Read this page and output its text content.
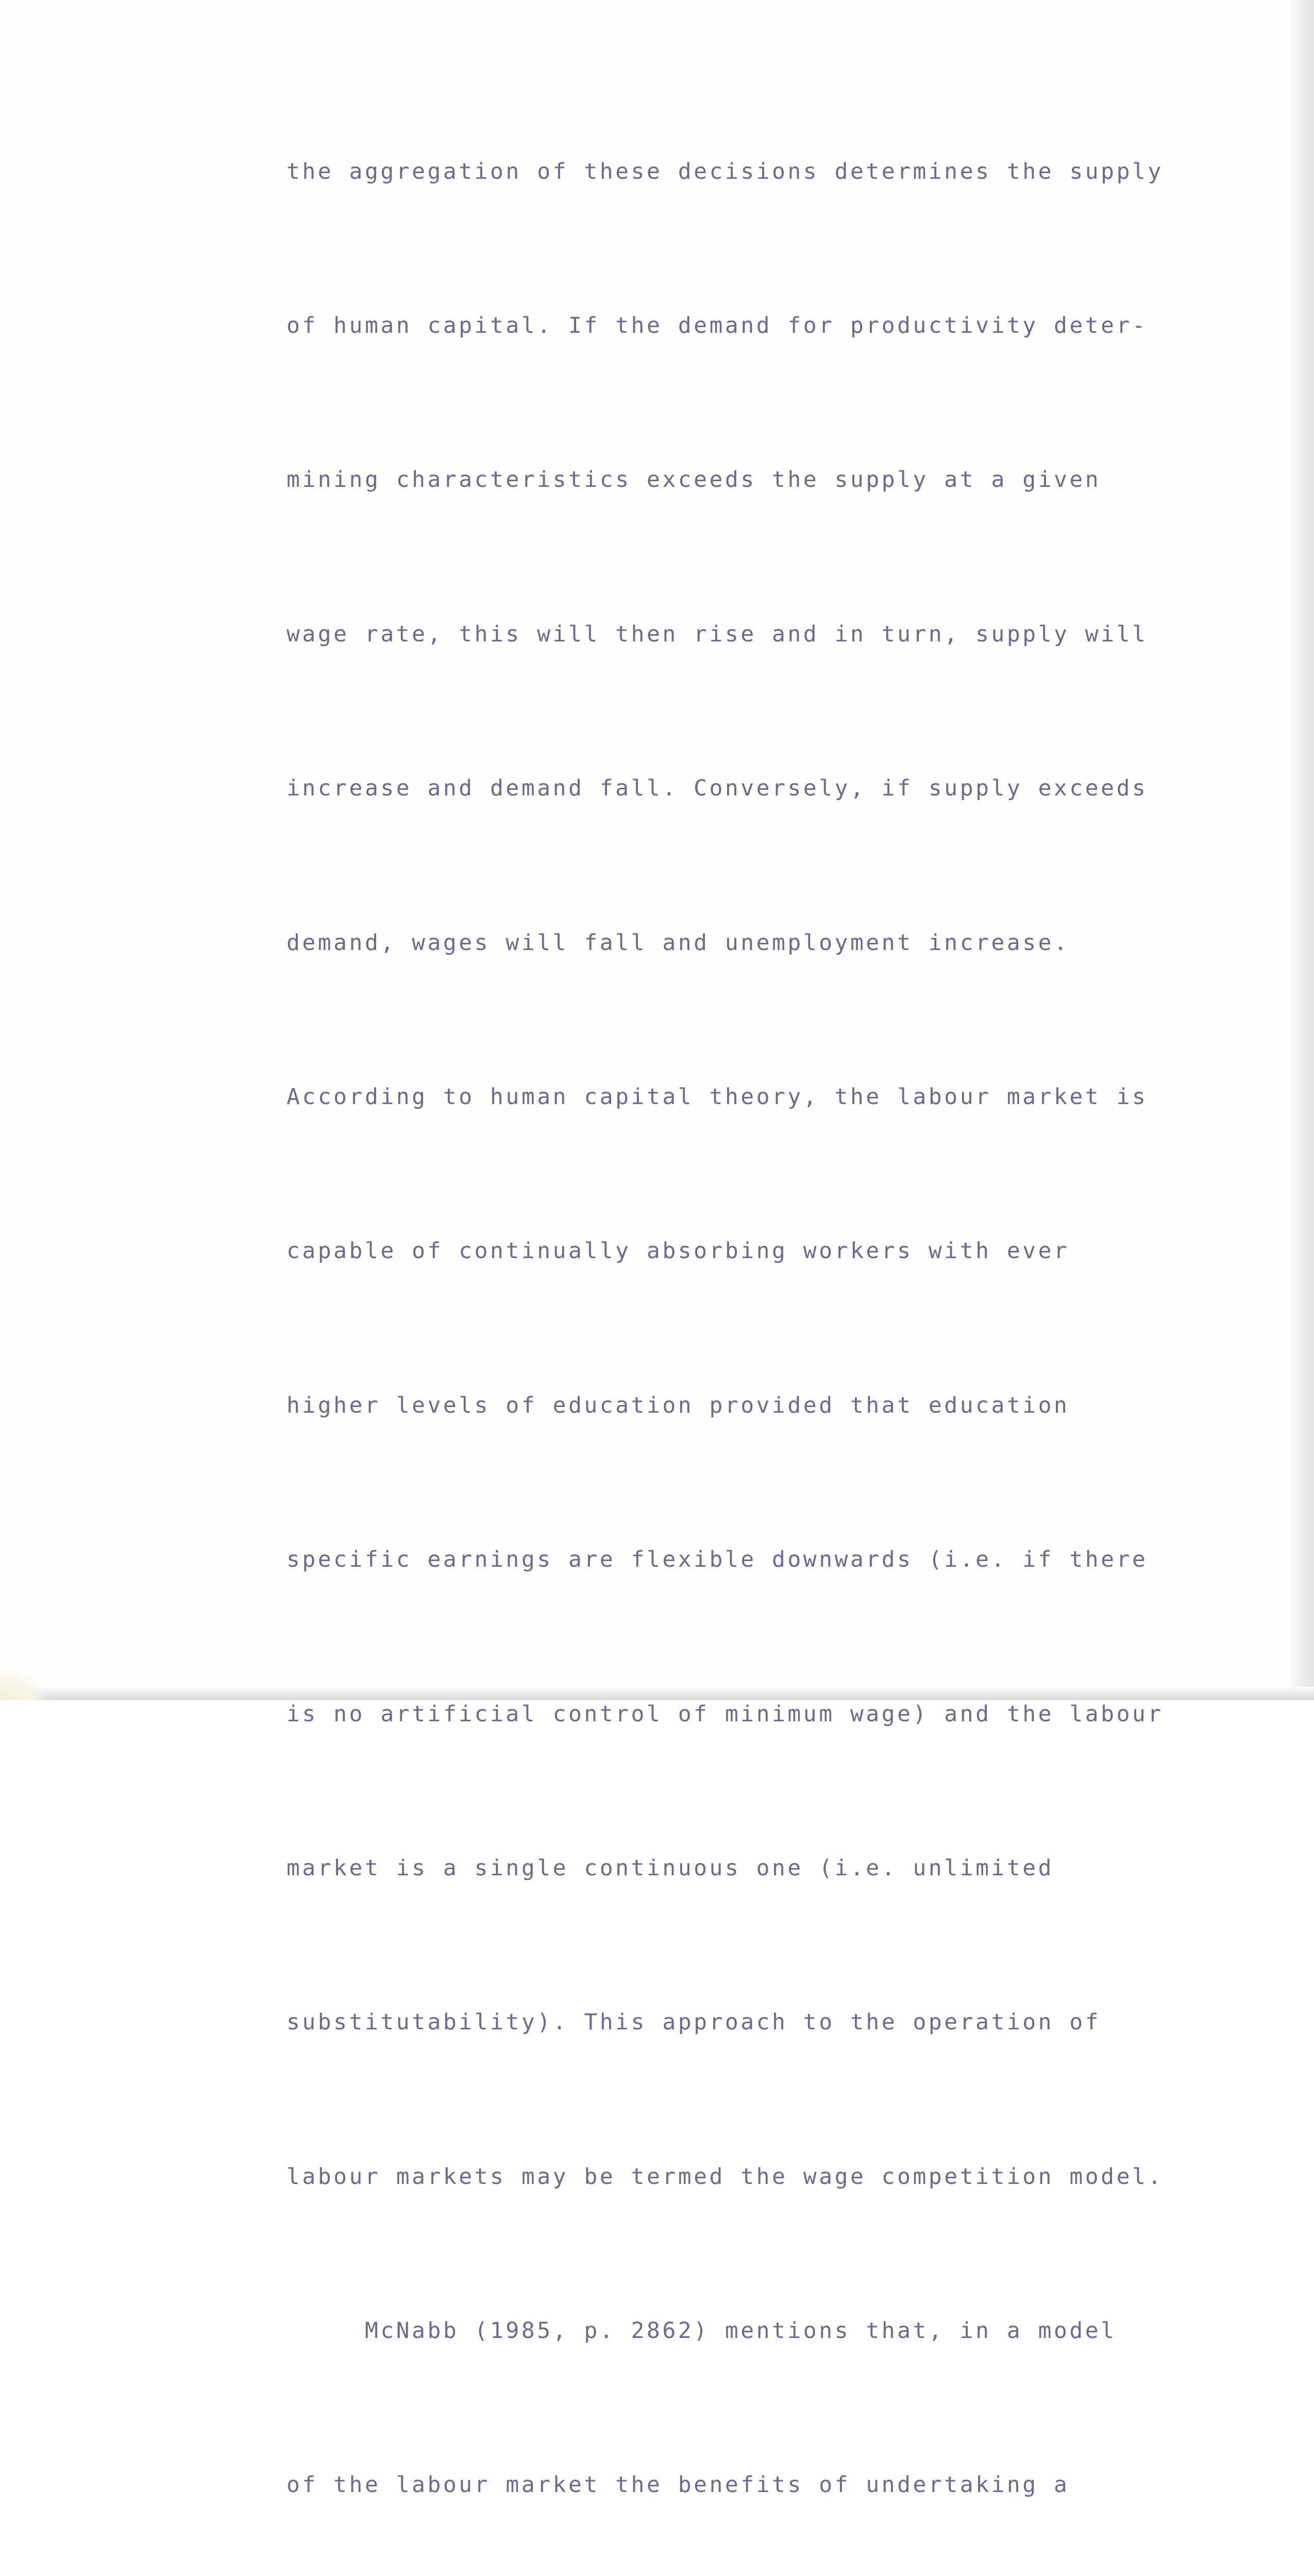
the aggregation of these decisions determines the supply

of human capital. If the demand for productivity deter-

mining characteristics exceeds the supply at a given

wage rate, this will then rise and in turn, supply will

increase and demand fall. Conversely, if supply exceeds

demand, wages will fall and unemployment increase.

According to human capital theory, the labour market is

capable of continually absorbing workers with ever

higher levels of education provided that education

specific earnings are flexible downwards (i.e. if there

is no artificial control of minimum wage) and the labour

market is a single continuous one (i.e. unlimited

substitutability). This approach to the operation of

labour markets may be termed the wage competition model.

McNabb (1985, p. 2862) mentions that, in a model

of the labour market the benefits of undertaking a
